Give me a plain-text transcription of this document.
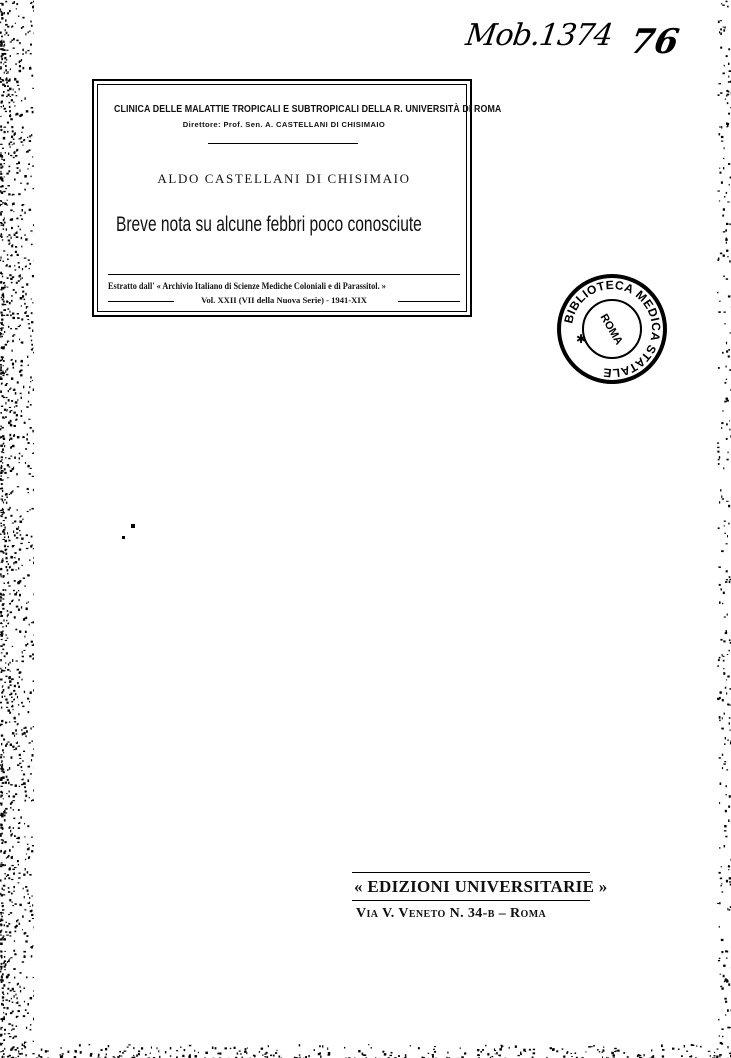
Mob.1374 76
CLINICA DELLE MALATTIE TROPICALI E SUBTROPICALI DELLA R. UNIVERSITÀ DI ROMA
Direttore: Prof. Sen. A. CASTELLANI DI CHISIMAIO
ALDO CASTELLANI DI CHISIMAIO
Breve nota su alcune febbri poco conosciute
Estratto dall' « Archivio Italiano di Scienze Mediche Coloniali e di Parassitol. »
Vol. XXII (VII della Nuova Serie) - 1941-XIX
BIBLIOTECA MEDICA STATALE
ROMA
✱
« EDIZIONI UNIVERSITARIE »
Via V. Veneto N. 34-b – Roma
